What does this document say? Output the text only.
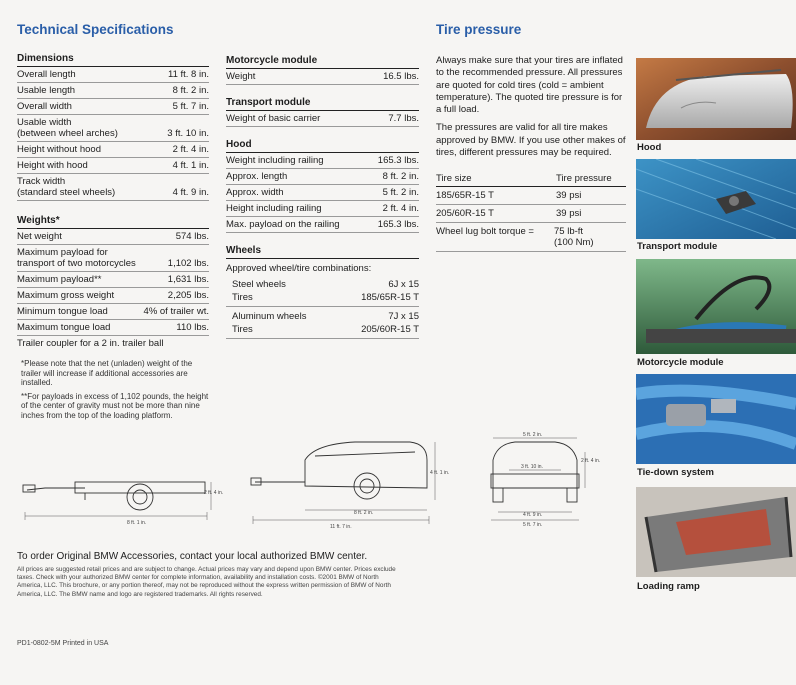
Technical Specifications	Tire pressure
Dimensions
Overall length	11 ft. 8 in.
Usable length	8 ft. 2 in.
Overall width	5 ft. 7 in.
Usable width
(between wheel arches)	3 ft. 10 in.
Height without hood	2 ft. 4 in.
Height with hood	4 ft. 1 in.
Track width
(standard steel wheels)	4 ft. 9 in.
Weights*
Net weight	574 lbs.
Maximum payload for
transport of two motorcycles	1,102 lbs.
Maximum payload**	1,631 lbs.
Maximum gross weight	2,205 lbs.
Minimum tongue load	4% of trailer wt.
Maximum tongue load	110 lbs.
Trailer coupler for a 2 in. trailer ball
*Please note that the net (unladen) weight of the trailer will increase if additional accessories are installed.
**For payloads in excess of 1,102 pounds, the height of the center of gravity must not be more than nine inches from the top of the loading platform.
Motorcycle module
Weight	16.5 lbs.
Transport module
Weight of basic carrier	7.7 lbs.
Hood
Weight including railing	165.3 lbs.
Approx. length	8 ft. 2 in.
Approx. width	5 ft. 2 in.
Height including railing	2 ft. 4 in.
Max. payload on the railing	165.3 lbs.
Wheels
Approved wheel/tire combinations:
Steel wheels	6J x 15
Tires	185/65R-15 T
Aluminum wheels	7J x 15
Tires	205/60R-15 T
Always make sure that your tires are inflated to the recommended pressure. All pressures are quoted for cold tires (cold = ambient temperature). The quoted tire pressure is for a full load.
The pressures are valid for all tire makes approved by BMW. If you use other makes of tires, different pressures may be required.
Tire size	Tire pressure
185/65R-15 T	39 psi
205/60R-15 T	39 psi
Wheel lug bolt torque =	75 lb-ft
(100 Nm)
Hood
Transport module
Motorcycle module
Tie-down system
Loading ramp
8 ft. 1 in.
2 ft. 4 in.
8 ft. 2 in.
11 ft. 7 in.
4 ft. 1 in.
5 ft. 2 in.
3 ft. 10 in.
2 ft. 4 in.
4 ft. 9 in.
5 ft. 7 in.
To order Original BMW Accessories, contact your local authorized BMW center.
All prices are suggested retail prices and are subject to change. Actual prices may vary and depend upon BMW center. Prices exclude taxes. Check with your authorized BMW center for complete information, availability and installation costs. ©2001 BMW of North America, LLC. This brochure, or any portion thereof, may not be reproduced without the express written permission of BMW of North America, LLC. The BMW name and logo are registered trademarks. All rights reserved.
PD1-0802-5M Printed in USA
